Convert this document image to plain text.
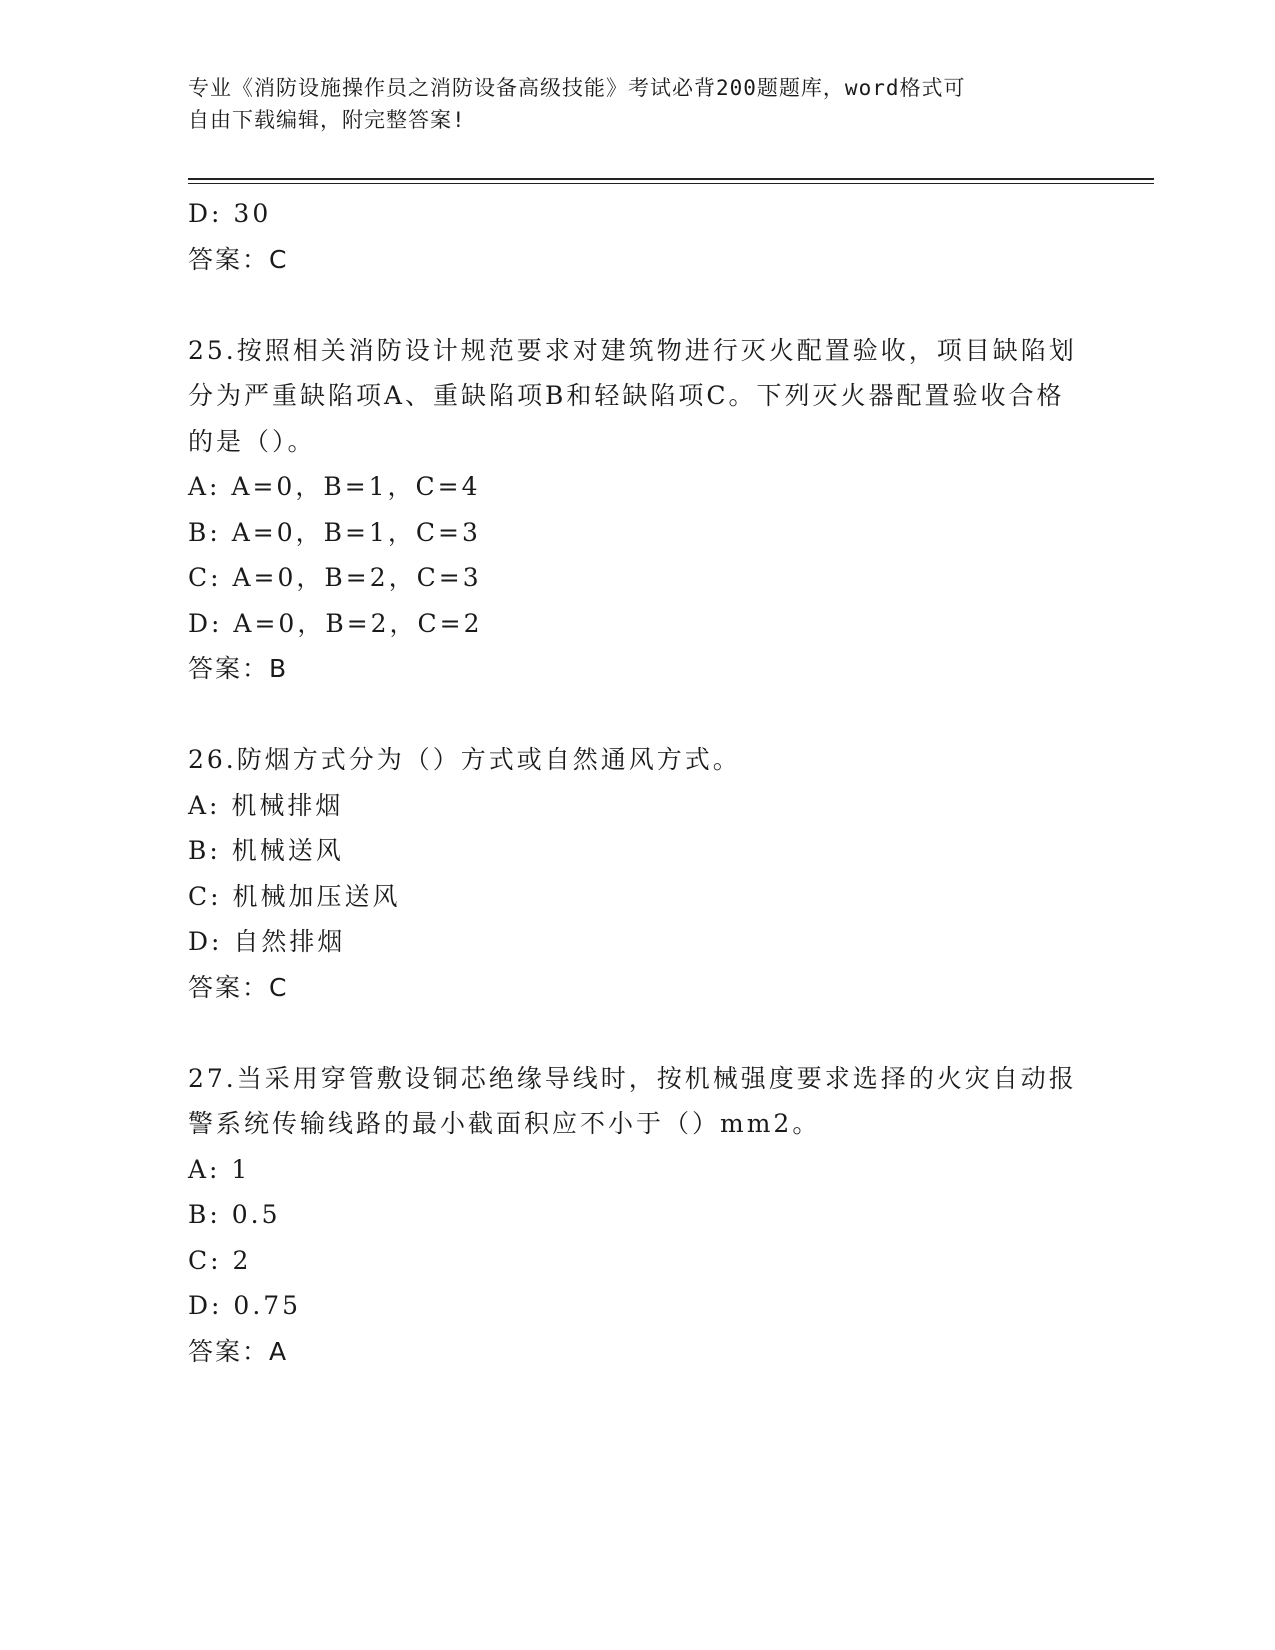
专业《消防设施操作员之消防设备高级技能》考试必背200题题库，word格式可
自由下载编辑，附完整答案!
D: 30
答案：C
25.按照相关消防设计规范要求对建筑物进行灭火配置验收，项目缺陷划分为严重缺陷项A、重缺陷项B和轻缺陷项C。下列灭火器配置验收合格的是（）。
A: A=0，B=1，C=4
B: A=0，B=1，C=3
C: A=0，B=2，C=3
D: A=0，B=2，C=2
答案：B
26.防烟方式分为（）方式或自然通风方式。
A: 机械排烟
B: 机械送风
C: 机械加压送风
D: 自然排烟
答案：C
27.当采用穿管敷设铜芯绝缘导线时，按机械强度要求选择的火灾自动报警系统传输线路的最小截面积应不小于（）mm2。
A: 1
B: 0.5
C: 2
D: 0.75
答案：A
